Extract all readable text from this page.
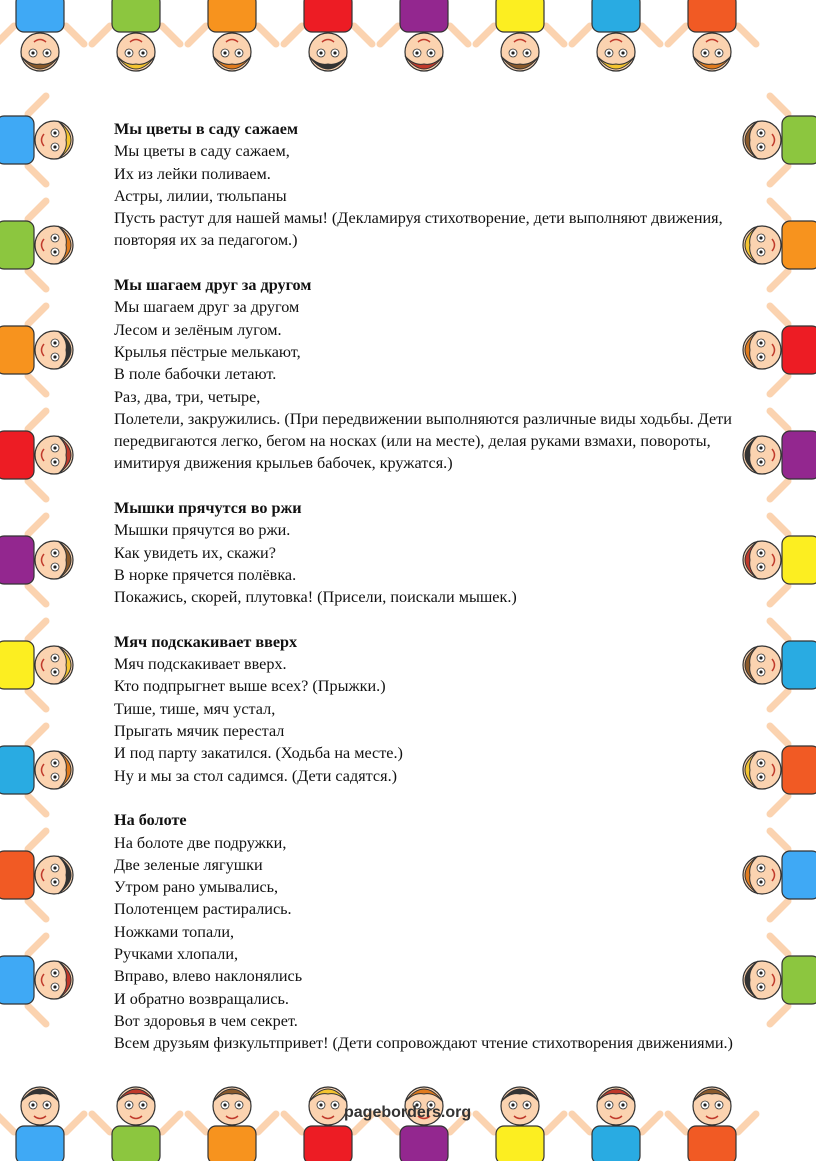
Мы цветы в саду сажаем
Мы цветы в саду сажаем,
Их из лейки поливаем.
Астры, лилии, тюльпаны
Пусть растут для нашей мамы! (Декламируя стихотворение, дети выполняют движения, повторяя их за педагогом.)
Мы шагаем друг за другом
Мы шагаем друг за другом
Лесом и зелёным лугом.
Крылья пёстрые мелькают,
В поле бабочки летают.
Раз, два, три, четыре,
Полетели, закружились. (При передвижении выполняются различные виды ходьбы. Дети передвигаются легко, бегом на носках (или на месте), делая руками взмахи, повороты, имитируя движения крыльев бабочек, кружатся.)
Мышки прячутся во ржи
Мышки прячутся во ржи.
Как увидеть их, скажи?
В норке прячется полёвка.
Покажись, скорей, плутовка! (Присели, поискали мышек.)
Мяч подскакивает вверх
Мяч подскакивает вверх.
Кто подпрыгнет выше всех? (Прыжки.)
Тише, тише, мяч устал,
Прыгать мячик перестал
И под парту закатился. (Ходьба на месте.)
Ну и мы за стол садимся. (Дети садятся.)
На болоте
На болоте две подружки,
Две зеленые лягушки
Утром рано умывались,
Полотенцем растирались.
Ножками топали,
Ручками хлопали,
Вправо, влево наклонялись
И обратно возвращались.
Вот здоровья в чем секрет.
Всем друзьям физкультпривет! (Дети сопровождают чтение стихотворения движениями.)
pageborders.org
